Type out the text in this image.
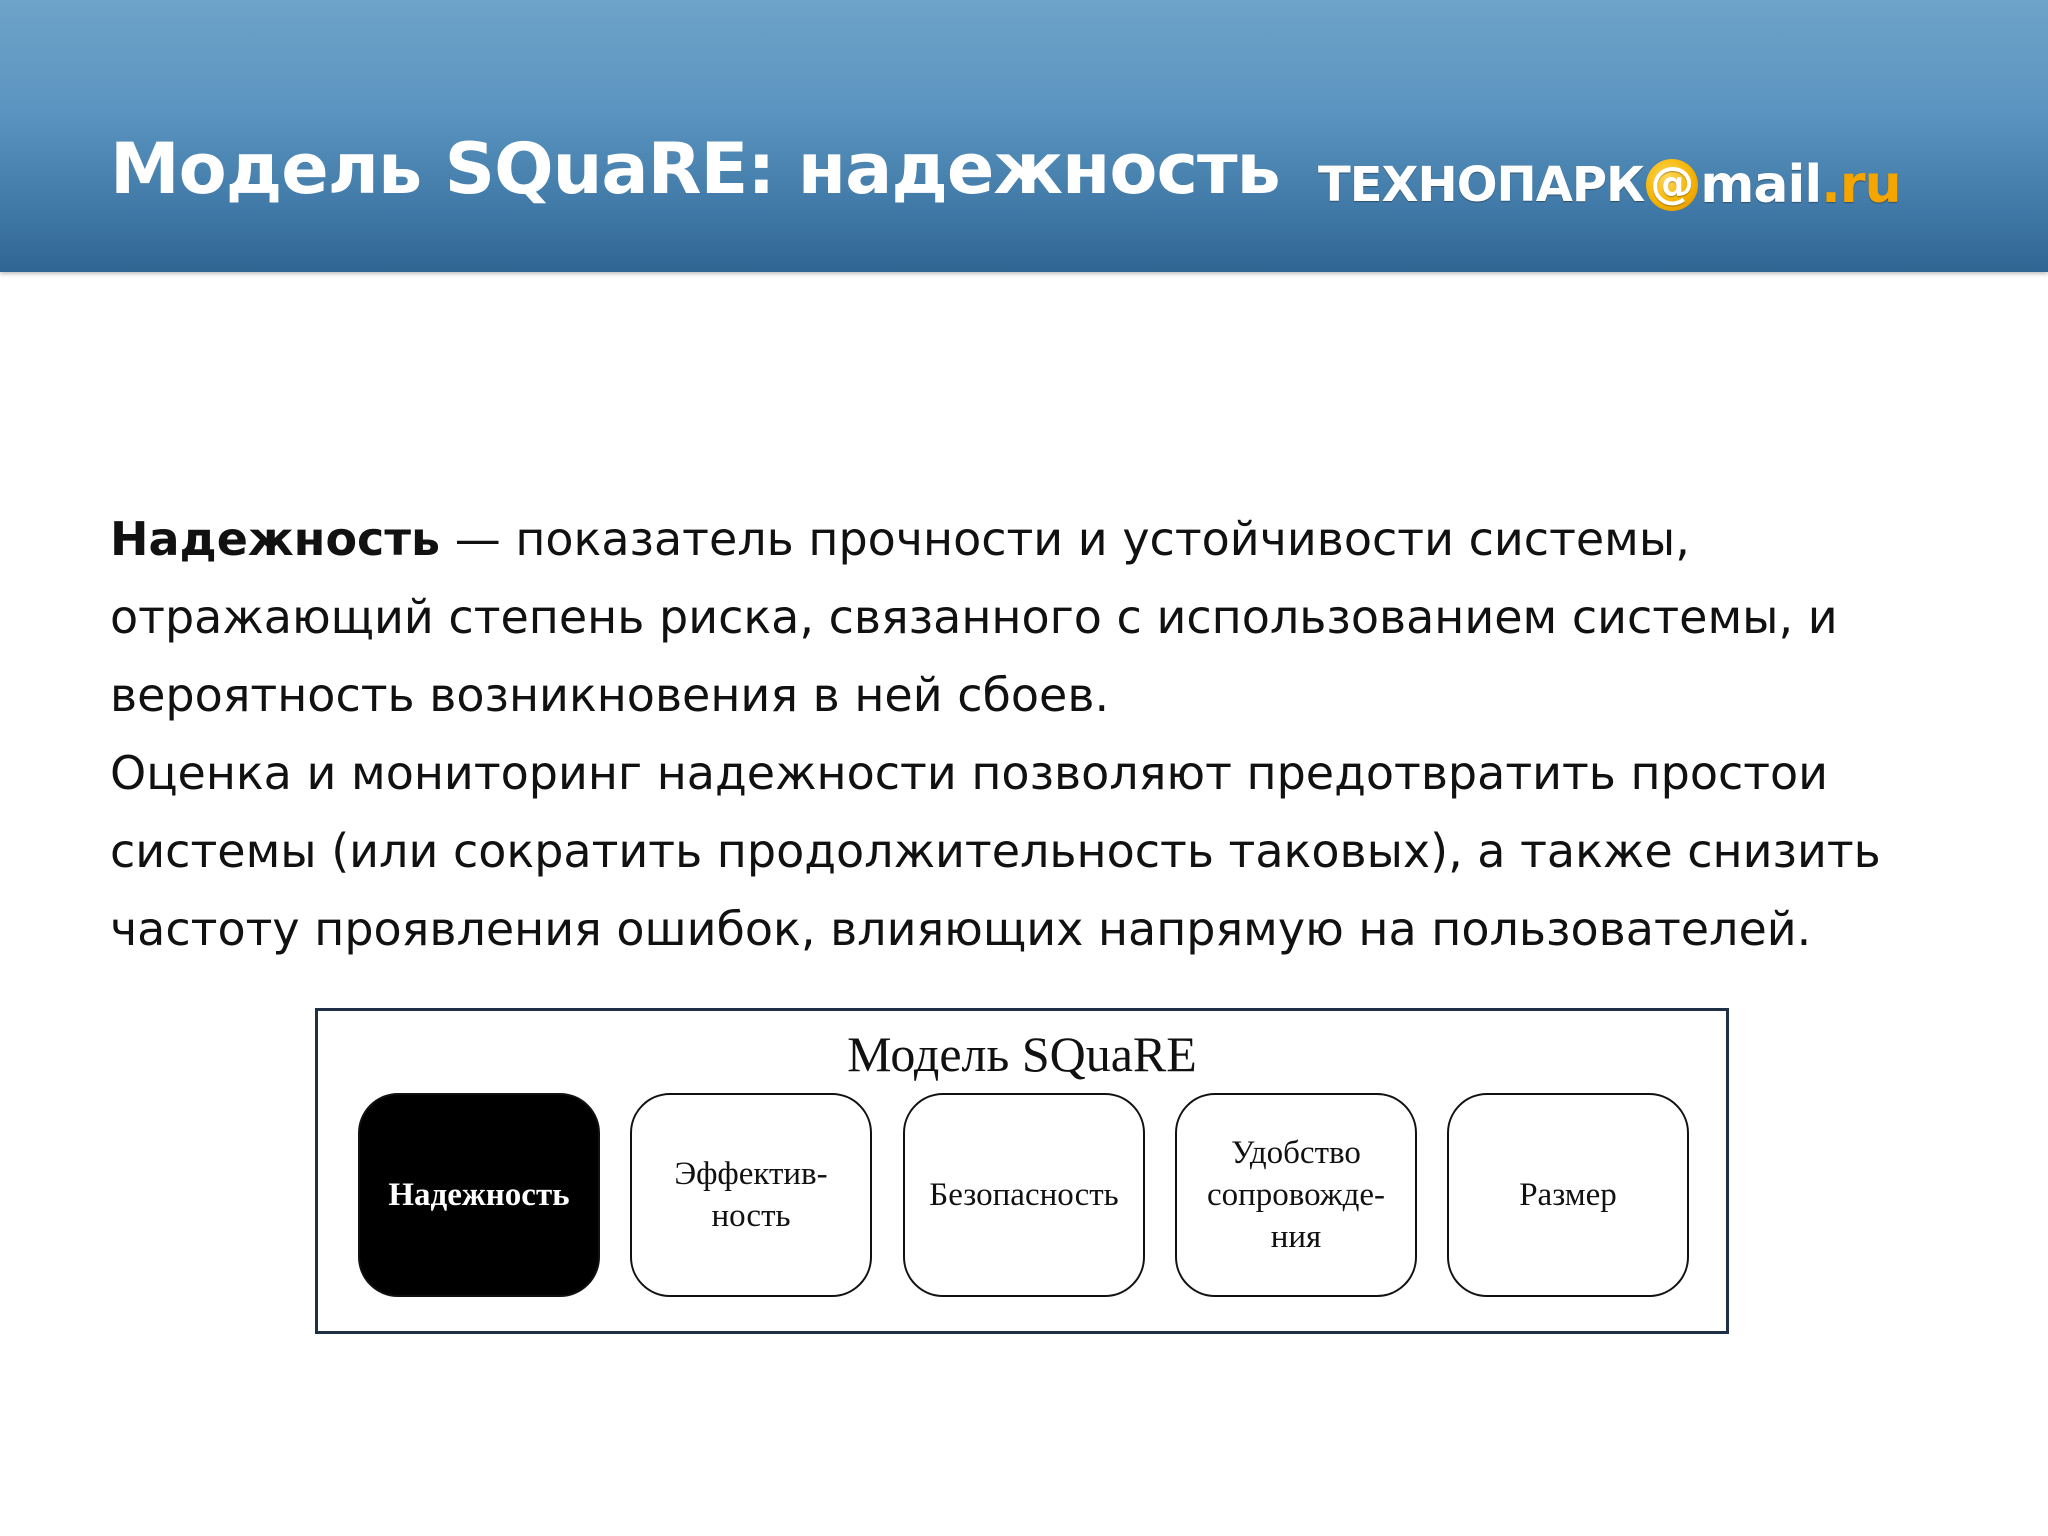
Модель SQuaRE: надежность ТЕХНОПАРК @ mail .ru

Надежность — показатель прочности и устойчивости системы, отражающий степень риска, связанного с использованием системы, и вероятность возникновения в ней сбоев.

Оценка и мониторинг надежности позволяют предотвратить простои системы (или сократить продолжительность таковых), а также снизить частоту проявления ошибок, влияющих напрямую на пользователей.

Модель SQuaRE
Надежность
Эффектив-
ность
Безопасность
Удобство
сопровожде-
ния
Размер
